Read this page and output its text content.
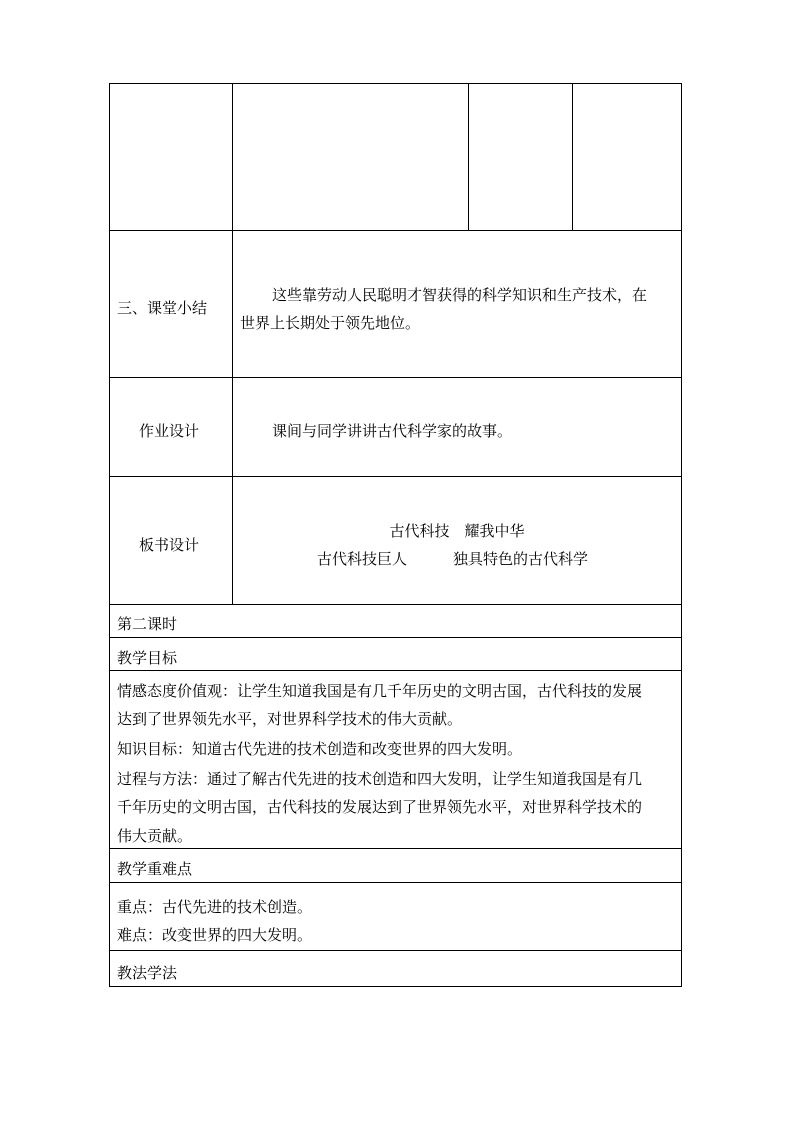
三、课堂小结
这些靠劳动人民聪明才智获得的科学知识和生产技术，在
世界上长期处于领先地位。
作业设计	课间与同学讲讲古代科学家的故事。
板书设计
古代科技　耀我中华
古代科技巨人	独具特色的古代科学
第二课时
教学目标
情感态度价值观：让学生知道我国是有几千年历史的文明古国，古代科技的发展
达到了世界领先水平，对世界科学技术的伟大贡献。
知识目标：知道古代先进的技术创造和改变世界的四大发明。
过程与方法：通过了解古代先进的技术创造和四大发明，让学生知道我国是有几
千年历史的文明古国，古代科技的发展达到了世界领先水平，对世界科学技术的
伟大贡献。
教学重难点
重点：古代先进的技术创造。
难点：改变世界的四大发明。
教法学法
